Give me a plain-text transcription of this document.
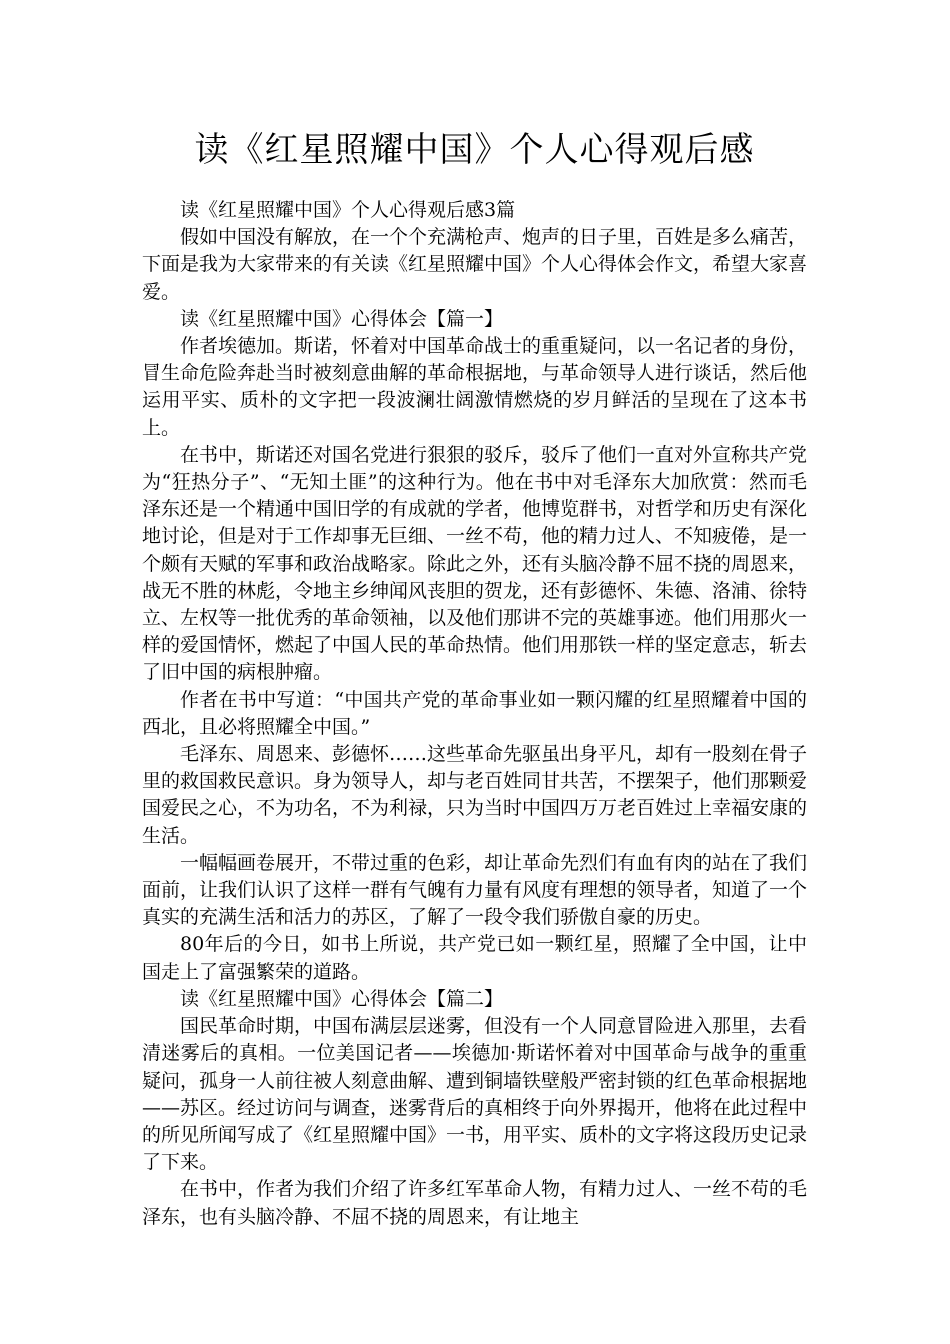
读《红星照耀中国》个人心得观后感

读《红星照耀中国》个人心得观后感3篇

假如中国没有解放，在一个个充满枪声、炮声的日子里，百姓是多么痛苦，下面是我为大家带来的有关读《红星照耀中国》个人心得体会作文，希望大家喜爱。

读《红星照耀中国》心得体会【篇一】

作者埃德加。斯诺，怀着对中国革命战士的重重疑问，以一名记者的身份，冒生命危险奔赴当时被刻意曲解的革命根据地，与革命领导人进行谈话，然后他运用平实、质朴的文字把一段波澜壮阔激情燃烧的岁月鲜活的呈现在了这本书上。

在书中，斯诺还对国名党进行狠狠的驳斥，驳斥了他们一直对外宣称共产党为“狂热分子”、“无知土匪”的这种行为。他在书中对毛泽东大加欣赏：然而毛泽东还是一个精通中国旧学的有成就的学者，他博览群书，对哲学和历史有深化地讨论，但是对于工作却事无巨细、一丝不苟，他的精力过人、不知疲倦，是一个颇有天赋的军事和政治战略家。除此之外，还有头脑冷静不屈不挠的周恩来，战无不胜的林彪，令地主乡绅闻风丧胆的贺龙，还有彭德怀、朱德、洛浦、徐特立、左权等一批优秀的革命领袖，以及他们那讲不完的英雄事迹。他们用那火一样的爱国情怀，燃起了中国人民的革命热情。他们用那铁一样的坚定意志，斩去了旧中国的病根肿瘤。

作者在书中写道：“中国共产党的革命事业如一颗闪耀的红星照耀着中国的西北，且必将照耀全中国。”

毛泽东、周恩来、彭德怀……这些革命先驱虽出身平凡，却有一股刻在骨子里的救国救民意识。身为领导人，却与老百姓同甘共苦，不摆架子，他们那颗爱国爱民之心，不为功名，不为利禄，只为当时中国四万万老百姓过上幸福安康的生活。

一幅幅画卷展开，不带过重的色彩，却让革命先烈们有血有肉的站在了我们面前，让我们认识了这样一群有气魄有力量有风度有理想的领导者，知道了一个真实的充满生活和活力的苏区，了解了一段令我们骄傲自豪的历史。

80年后的今日，如书上所说，共产党已如一颗红星，照耀了全中国，让中国走上了富强繁荣的道路。

读《红星照耀中国》心得体会【篇二】

国民革命时期，中国布满层层迷雾，但没有一个人同意冒险进入那里，去看清迷雾后的真相。一位美国记者——埃德加·斯诺怀着对中国革命与战争的重重疑问，孤身一人前往被人刻意曲解、遭到铜墙铁壁般严密封锁的红色革命根据地——苏区。经过访问与调查，迷雾背后的真相终于向外界揭开，他将在此过程中的所见所闻写成了《红星照耀中国》一书，用平实、质朴的文字将这段历史记录了下来。

在书中，作者为我们介绍了许多红军革命人物，有精力过人、一丝不苟的毛泽东，也有头脑冷静、不屈不挠的周恩来，有让地主
